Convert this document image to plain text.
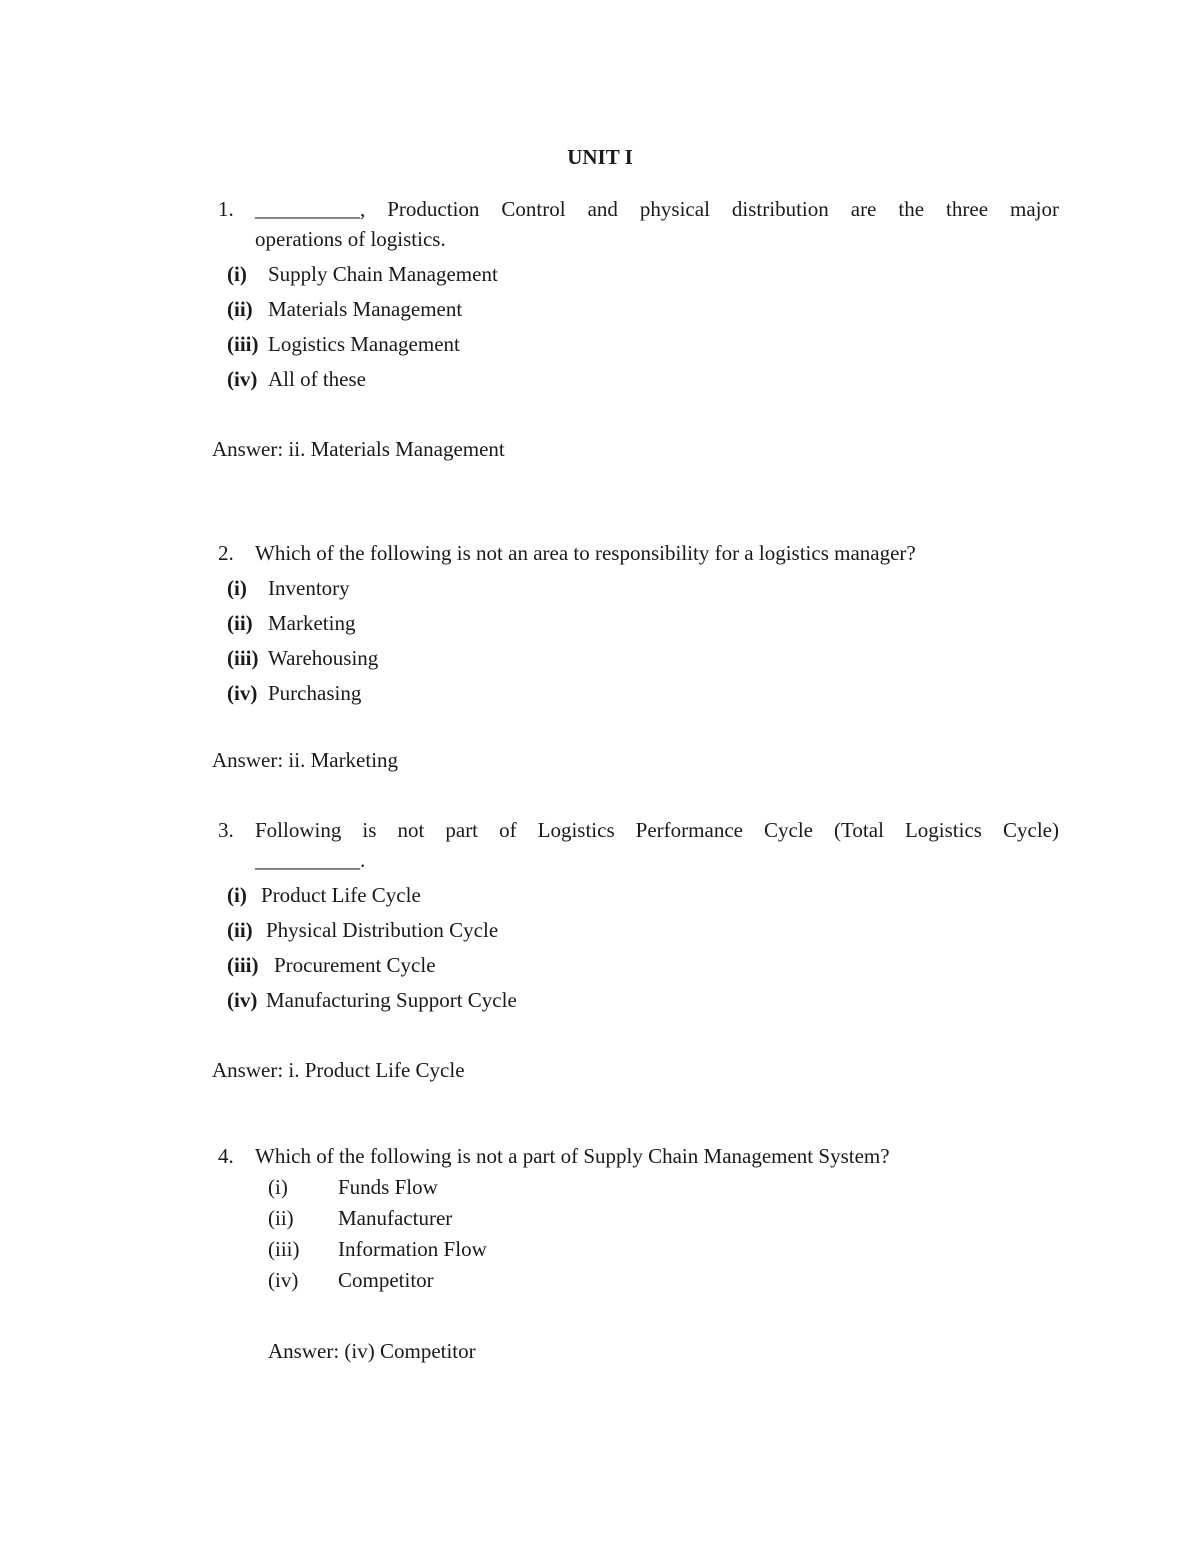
UNIT I
1. __________, Production Control and physical distribution are the three major
operations of logistics.
(i) Supply Chain Management
(ii) Materials Management
(iii) Logistics Management
(iv) All of these
Answer: ii. Materials Management
2. Which of the following is not an area to responsibility for a logistics manager?
(i) Inventory
(ii) Marketing
(iii) Warehousing
(iv) Purchasing
Answer: ii. Marketing
3. Following is not part of Logistics Performance Cycle (Total Logistics Cycle)
__________.
(i) Product Life Cycle
(ii) Physical Distribution Cycle
(iii) Procurement Cycle
(iv) Manufacturing Support Cycle
Answer: i. Product Life Cycle
4. Which of the following is not a part of Supply Chain Management System?
(i) Funds Flow
(ii) Manufacturer
(iii) Information Flow
(iv) Competitor
Answer: (iv) Competitor
